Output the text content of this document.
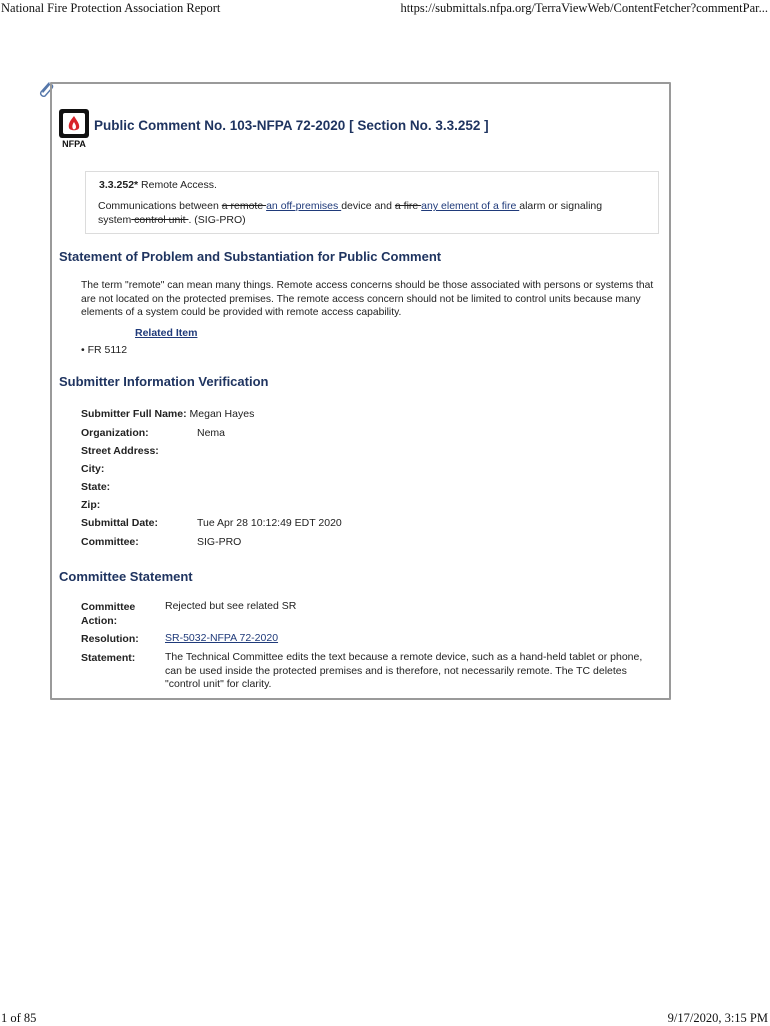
National Fire Protection Association Report	https://submittals.nfpa.org/TerraViewWeb/ContentFetcher?commentPar...
NFPA
Public Comment No. 103-NFPA 72-2020 [ Section No. 3.3.252 ]
3.3.252* Remote Access.
Communications between a remote an off-premises device and a fire any element of a fire alarm or signaling system control unit . (SIG-PRO)
Statement of Problem and Substantiation for Public Comment
The term "remote" can mean many things. Remote access concerns should be those associated with persons or systems that are not located on the protected premises. The remote access concern should not be limited to control units because many elements of a system could be provided with remote access capability.
Related Item
• FR 5112
Submitter Information Verification
Submitter Full Name: Megan Hayes
Organization:	Nema
Street Address:
City:
State:
Zip:
Submittal Date:	Tue Apr 28 10:12:49 EDT 2020
Committee:	SIG-PRO
Committee Statement
Committee
Action:
Rejected but see related SR
Resolution:	SR-5032-NFPA 72-2020
Statement:	The Technical Committee edits the text because a remote device, such as a hand-held tablet or phone, can be used inside the protected premises and is therefore, not necessarily remote. The TC deletes "control unit" for clarity.
1 of 85	9/17/2020, 3:15 PM
